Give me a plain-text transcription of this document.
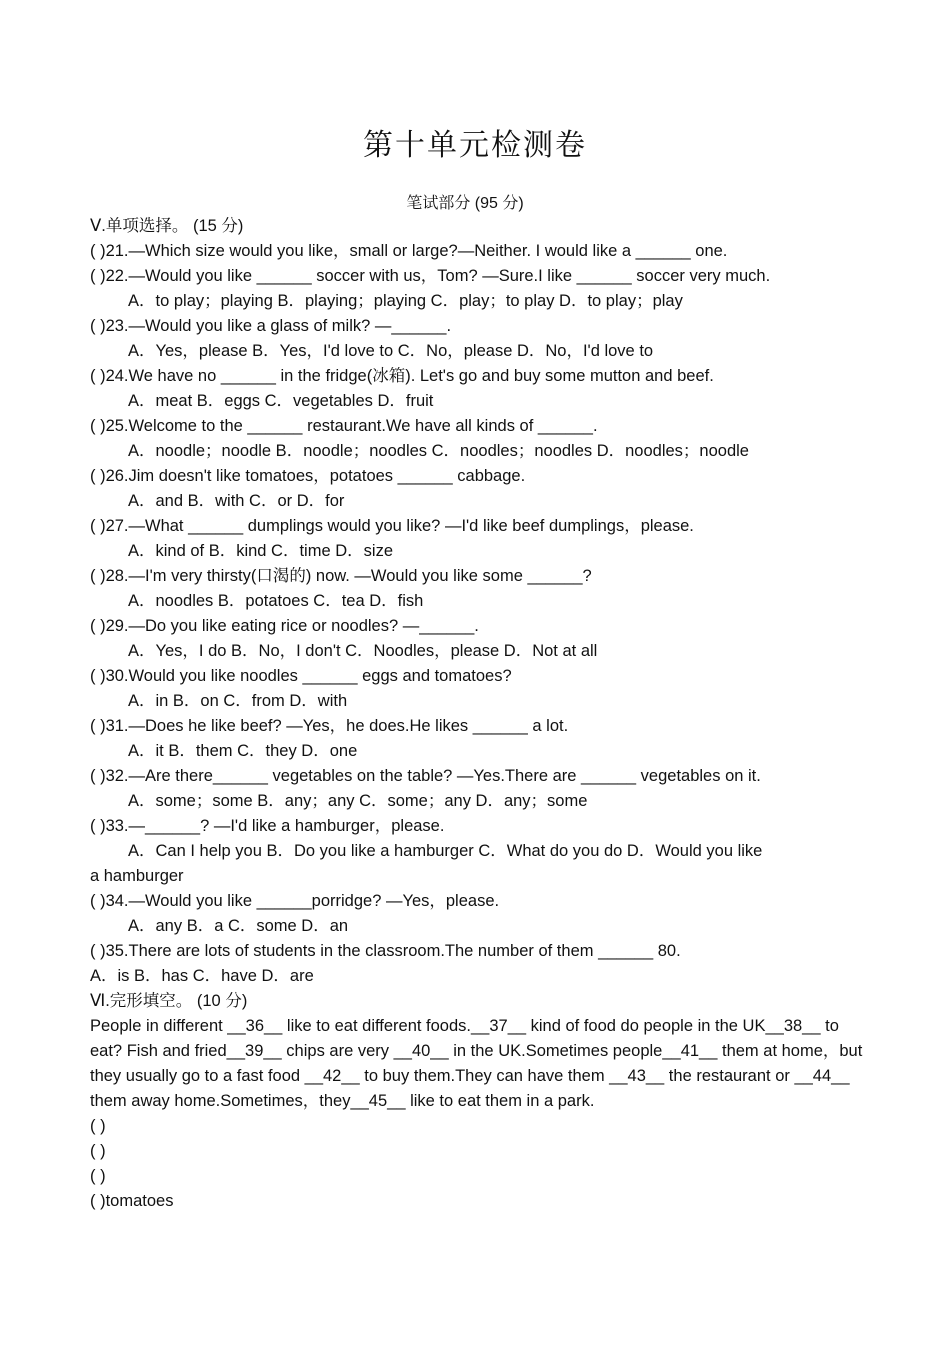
第十单元检测卷
笔试部分 (95 分)
Ⅴ.单项选择。 (15 分)
( )21.—Which size would you like，small or large?—Neither. I would like a ______ one.
( )22.—Would you like ______ soccer with us，Tom? —Sure.I like ______ soccer very much.
A．to play；playing B．playing；playing C．play；to play D．to play；play
( )23.—Would you like a glass of milk? —______.
A．Yes，please B．Yes，I'd love to C．No，please D．No，I'd love to
( )24.We have no ______ in the fridge(冰箱). Let's go and buy some mutton and beef.
A．meat B．eggs C．vegetables D．fruit
( )25.Welcome to the ______ restaurant.We have all kinds of ______.
A．noodle；noodle B．noodle；noodles C．noodles；noodles D．noodles；noodle
( )26.Jim doesn't like tomatoes，potatoes ______ cabbage.
A．and B．with C．or D．for
( )27.—What ______ dumplings would you like? —I'd like beef dumplings，please.
A．kind of B．kind C．time D．size
( )28.—I'm very thirsty(口渴的) now. —Would you like some ______?
A．noodles B．potatoes C．tea D．fish
( )29.—Do you like eating rice or noodles? —______.
A．Yes，I do B．No，I don't C．Noodles，please D．Not at all
( )30.Would you like noodles ______ eggs and tomatoes?
A．in B．on C．from D．with
( )31.—Does he like beef? —Yes，he does.He likes ______ a lot.
A．it B．them C．they D．one
( )32.—Are there______ vegetables on the table? —Yes.There are ______ vegetables on it.
A．some；some B．any；any C．some；any D．any；some
( )33.—______? —I'd like a hamburger，please.
A．Can I help you B．Do you like a hamburger C．What do you do D．Would you like
a hamburger
( )34.—Would you like ______porridge? —Yes，please.
A．any B．a C．some D．an
( )35.There are lots of students in the classroom.The number of them ______ 80.
A．is B．has C．have D．are
Ⅵ.完形填空。 (10 分)
People in different __36__ like to eat different foods.__37__ kind of food do people in the UK__38__ to eat? Fish and fried__39__ chips are very __40__ in the UK.Sometimes people__41__ them at home，but they usually go to a fast food __42__ to buy them.They can have them __43__ the restaurant or __44__ them away home.Sometimes，they__45__ like to eat them in a park.
( )
( )
( )
( )tomatoes
